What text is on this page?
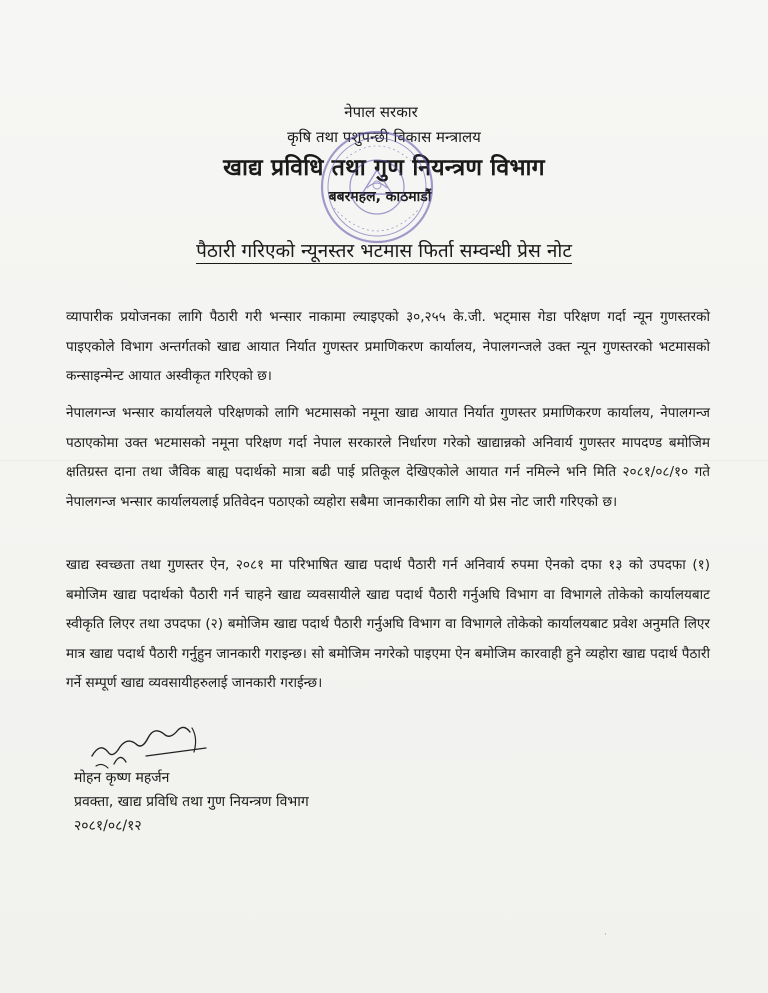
नेपाल सरकार
कृषि तथा पशुपन्छी विकास मन्त्रालय
खाद्य प्रविधि तथा गुण नियन्त्रण विभाग
बबरमहल, काठमाडौं
पैठारी गरिएको न्यूनस्तर भटमास फिर्ता सम्वन्धी प्रेस नोट
व्यापारीक प्रयोजनका लागि पैठारी गरी भन्सार नाकामा ल्याइएको ३०,२५५ के.जी. भट्मास गेडा परिक्षण गर्दा न्यून गुणस्तरको पाइएकोले विभाग अन्तर्गतको खाद्य आयात निर्यात गुणस्तर प्रमाणिकरण कार्यालय, नेपालगन्जले उक्त न्यून गुणस्तरको भटमासको कन्साइन्मेन्ट आयात अस्वीकृत गरिएको छ।
नेपालगन्ज भन्सार कार्यालयले परिक्षणको लागि भटमासको नमूना खाद्य आयात निर्यात गुणस्तर प्रमाणिकरण कार्यालय, नेपालगन्ज पठाएकोमा उक्त भटमासको नमूना परिक्षण गर्दा नेपाल सरकारले निर्धारण गरेको खाद्यान्नको अनिवार्य गुणस्तर मापदण्ड बमोजिम क्षतिग्रस्त दाना तथा जैविक बाह्य पदार्थको मात्रा बढी पाई प्रतिकूल देखिएकोले आयात गर्न नमिल्ने भनि मिति २०८१/०८/१० गते नेपालगन्ज भन्सार कार्यालयलाई प्रतिवेदन पठाएको व्यहोरा सबैमा जानकारीका लागि यो प्रेस नोट जारी गरिएको छ।
खाद्य स्वच्छता तथा गुणस्तर ऐन, २०८१ मा परिभाषित खाद्य पदार्थ पैठारी गर्न अनिवार्य रुपमा ऐनको दफा १३ को उपदफा (१) बमोजिम खाद्य पदार्थको पैठारी गर्न चाहने खाद्य व्यवसायीले खाद्य पदार्थ पैठारी गर्नुअघि विभाग वा विभागले तोकेको कार्यालयबाट स्वीकृति लिएर तथा उपदफा (२) बमोजिम खाद्य पदार्थ पैठारी गर्नुअघि विभाग वा विभागले तोकेको कार्यालयबाट प्रवेश अनुमति लिएर मात्र खाद्य पदार्थ पैठारी गर्नुहुन जानकारी गराइन्छ। सो बमोजिम नगरेको पाइएमा ऐन बमोजिम कारवाही हुने व्यहोरा खाद्य पदार्थ पैठारी गर्ने सम्पूर्ण खाद्य व्यवसायीहरुलाई जानकारी गराईन्छ।
मोहन कृष्ण महर्जन
प्रवक्ता, खाद्य प्रविधि तथा गुण नियन्त्रण विभाग
२०८१/०८/१२
·
